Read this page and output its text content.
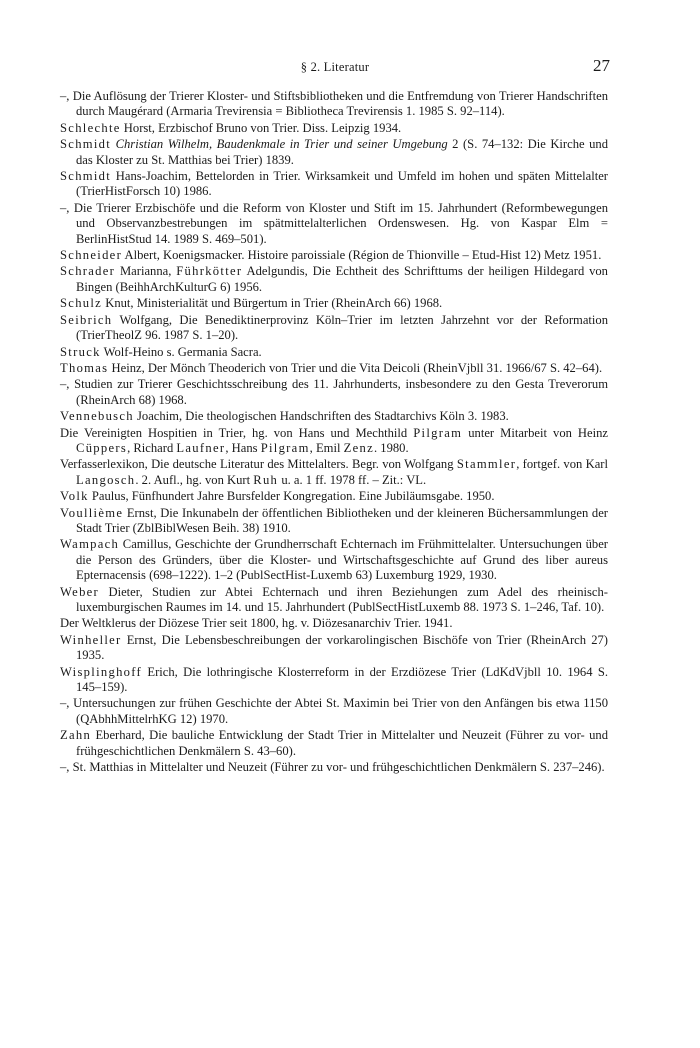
§ 2. Literatur	27
–, Die Auflösung der Trierer Kloster- und Stiftsbibliotheken und die Entfremdung von Trierer Handschriften durch Maugérard (Armaria Trevirensia = Bibliotheca Trevirensis 1. 1985 S. 92–114).
Schlechte Horst, Erzbischof Bruno von Trier. Diss. Leipzig 1934.
Schmidt Christian Wilhelm, Baudenkmale in Trier und seiner Umgebung 2 (S. 74–132: Die Kirche und das Kloster zu St. Matthias bei Trier) 1839.
Schmidt Hans-Joachim, Bettelorden in Trier. Wirksamkeit und Umfeld im hohen und späten Mittelalter (TrierHistForsch 10) 1986.
–, Die Trierer Erzbischöfe und die Reform von Kloster und Stift im 15. Jahrhundert (Reformbewegungen und Observanzbestrebungen im spätmittelalterlichen Ordenswesen. Hg. von Kaspar Elm = BerlinHistStud 14. 1989 S. 469–501).
Schneider Albert, Koenigsmacker. Histoire paroissiale (Région de Thionville – Etud-Hist 12) Metz 1951.
Schrader Marianna, Führkötter Adelgundis, Die Echtheit des Schrifttums der heiligen Hildegard von Bingen (BeihhArchKulturG 6) 1956.
Schulz Knut, Ministerialität und Bürgertum in Trier (RheinArch 66) 1968.
Seibrich Wolfgang, Die Benediktinerprovinz Köln–Trier im letzten Jahrzehnt vor der Reformation (TrierTheolZ 96. 1987 S. 1–20).
Struck Wolf-Heino s. Germania Sacra.
Thomas Heinz, Der Mönch Theoderich von Trier und die Vita Deicoli (RheinVjbll 31. 1966/67 S. 42–64).
–, Studien zur Trierer Geschichtsschreibung des 11. Jahrhunderts, insbesondere zu den Gesta Treverorum (RheinArch 68) 1968.
Vennebusch Joachim, Die theologischen Handschriften des Stadtarchivs Köln 3. 1983.
Die Vereinigten Hospitien in Trier, hg. von Hans und Mechthild Pilgram unter Mitarbeit von Heinz Cüppers, Richard Laufner, Hans Pilgram, Emil Zenz. 1980.
Verfasserlexikon, Die deutsche Literatur des Mittelalters. Begr. von Wolfgang Stammler, fortgef. von Karl Langosch. 2. Aufl., hg. von Kurt Ruh u. a. 1 ff. 1978 ff. – Zit.: VL.
Volk Paulus, Fünfhundert Jahre Bursfelder Kongregation. Eine Jubiläumsgabe. 1950.
Voullième Ernst, Die Inkunabeln der öffentlichen Bibliotheken und der kleineren Büchersammlungen der Stadt Trier (ZblBiblWesen Beih. 38) 1910.
Wampach Camillus, Geschichte der Grundherrschaft Echternach im Frühmittelalter. Untersuchungen über die Person des Gründers, über die Kloster- und Wirtschaftsgeschichte auf Grund des liber aureus Epternacensis (698–1222). 1–2 (PublSectHist-Luxemb 63) Luxemburg 1929, 1930.
Weber Dieter, Studien zur Abtei Echternach und ihren Beziehungen zum Adel des rheinisch-luxemburgischen Raumes im 14. und 15. Jahrhundert (PublSectHistLuxemb 88. 1973 S. 1–246, Taf. 10).
Der Weltklerus der Diözese Trier seit 1800, hg. v. Diözesanarchiv Trier. 1941.
Winheller Ernst, Die Lebensbeschreibungen der vorkarolingischen Bischöfe von Trier (RheinArch 27) 1935.
Wisplinghoff Erich, Die lothringische Klosterreform in der Erzdiözese Trier (LdKdVjbll 10. 1964 S. 145–159).
–, Untersuchungen zur frühen Geschichte der Abtei St. Maximin bei Trier von den Anfängen bis etwa 1150 (QAbhhMittelrhKG 12) 1970.
Zahn Eberhard, Die bauliche Entwicklung der Stadt Trier in Mittelalter und Neuzeit (Führer zu vor- und frühgeschichtlichen Denkmälern S. 43–60).
–, St. Matthias in Mittelalter und Neuzeit (Führer zu vor- und frühgeschichtlichen Denkmälern S. 237–246).
